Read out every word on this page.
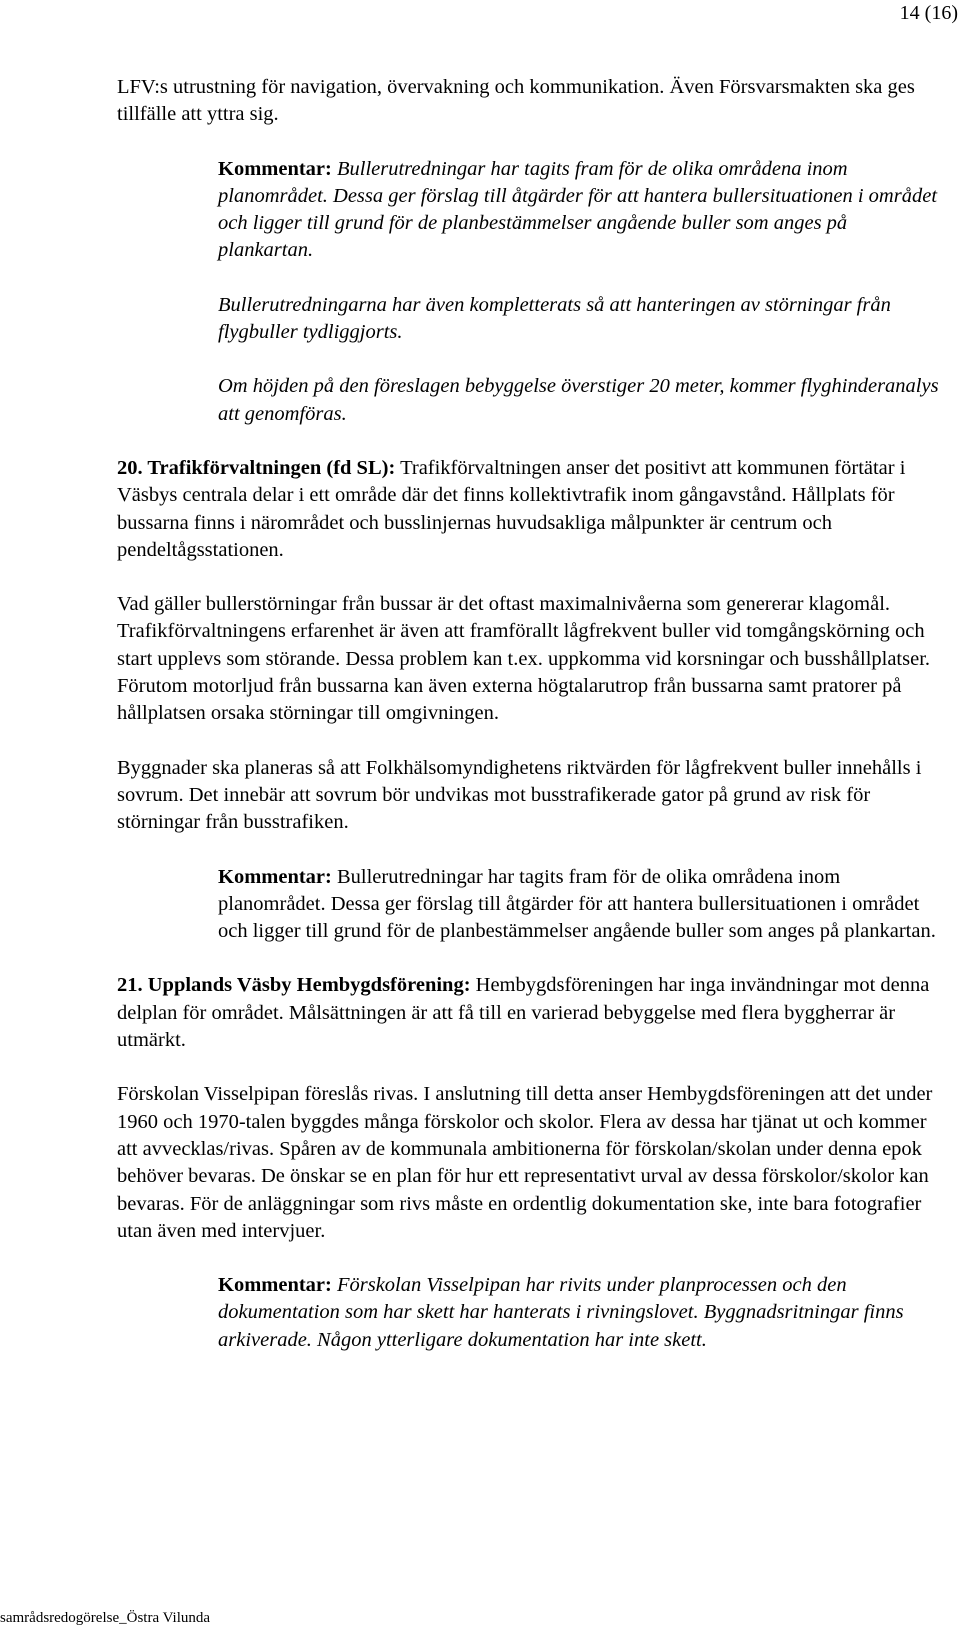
14 (16)

LFV:s utrustning för navigation, övervakning och kommunikation. Även Försvarsmakten ska ges tillfälle att yttra sig.

Kommentar: Bullerutredningar har tagits fram för de olika områdena inom planområdet. Dessa ger förslag till åtgärder för att hantera bullersituationen i området och ligger till grund för de planbestämmelser angående buller som anges på plankartan.

Bullerutredningarna har även kompletterats så att hanteringen av störningar från flygbuller tydliggjorts.

Om höjden på den föreslagen bebyggelse överstiger 20 meter, kommer flyghinderanalys att genomföras.

20. Trafikförvaltningen (fd SL): Trafikförvaltningen anser det positivt att kommunen förtätar i Väsbys centrala delar i ett område där det finns kollektivtrafik inom gångavstånd. Hållplats för bussarna finns i närområdet och busslinjernas huvudsakliga målpunkter är centrum och pendeltågsstationen.

Vad gäller bullerstörningar från bussar är det oftast maximalnivåerna som genererar klagomål. Trafikförvaltningens erfarenhet är även att framförallt lågfrekvent buller vid tomgångskörning och start upplevs som störande. Dessa problem kan t.ex. uppkomma vid korsningar och busshållplatser. Förutom motorljud från bussarna kan även externa högtalarutrop från bussarna samt pratorer på hållplatsen orsaka störningar till omgivningen.

Byggnader ska planeras så att Folkhälsomyndighetens riktvärden för lågfrekvent buller innehålls i sovrum. Det innebär att sovrum bör undvikas mot busstrafikerade gator på grund av risk för störningar från busstrafiken.

Kommentar: Bullerutredningar har tagits fram för de olika områdena inom planområdet. Dessa ger förslag till åtgärder för att hantera bullersituationen i området och ligger till grund för de planbestämmelser angående buller som anges på plankartan.

21. Upplands Väsby Hembygdsförening: Hembygdsföreningen har inga invändningar mot denna delplan för området. Målsättningen är att få till en varierad bebyggelse med flera byggherrar är utmärkt.

Förskolan Visselpipan föreslås rivas. I anslutning till detta anser Hembygdsföreningen att det under 1960 och 1970-talen byggdes många förskolor och skolor. Flera av dessa har tjänat ut och kommer att avvecklas/rivas. Spåren av de kommunala ambitionerna för förskolan/skolan under denna epok behöver bevaras. De önskar se en plan för hur ett representativt urval av dessa förskolor/skolor kan bevaras. För de anläggningar som rivs måste en ordentlig dokumentation ske, inte bara fotografier utan även med intervjuer.

Kommentar: Förskolan Visselpipan har rivits under planprocessen och den dokumentation som har skett har hanterats i rivningslovet. Byggnadsritningar finns arkiverade. Någon ytterligare dokumentation har inte skett.

samrådsredogörelse_Östra Vilunda
